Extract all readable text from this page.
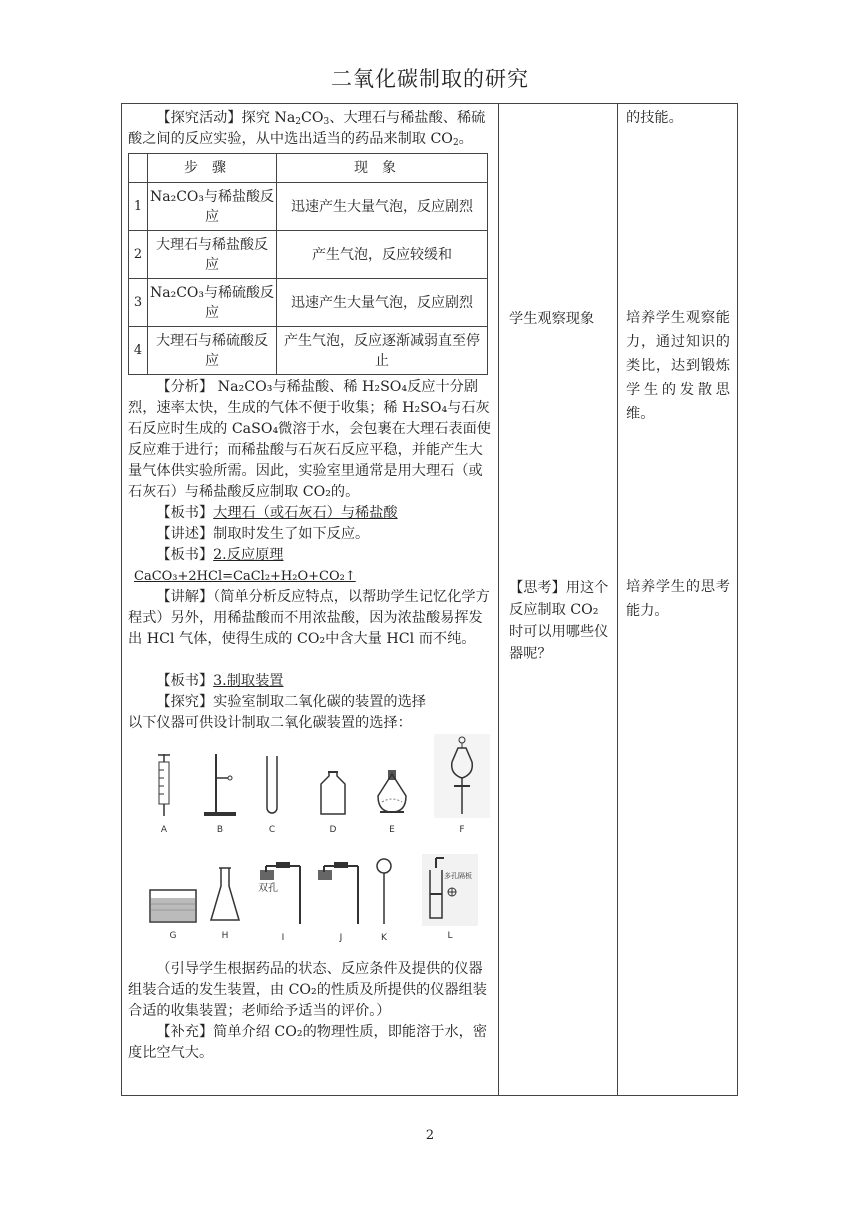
二氧化碳制取的研究

【探究活动】探究 $Na_2CO_3$、大理石与稀盐酸、稀硫酸之间的反应实验，从中选出适当的药品来制取 $CO_2$。

	步骤	现象
1	Na₂CO₃与稀盐酸反应	迅速产生大量气泡，反应剧烈
2	大理石与稀盐酸反应	产生气泡，反应较缓和
3	Na₂CO₃与稀硫酸反应	迅速产生大量气泡，反应剧烈
4	大理石与稀硫酸反应	产生气泡，反应逐渐减弱直至停止

【分析】 Na₂CO₃与稀盐酸、稀 H₂SO₄反应十分剧烈，速率太快，生成的气体不便于收集；稀 H₂SO₄与石灰石反应时生成的 CaSO₄微溶于水，会包裹在大理石表面使反应难于进行；而稀盐酸与石灰石反应平稳，并能产生大量气体供实验所需。因此，实验室里通常是用大理石（或石灰石）与稀盐酸反应制取 CO₂的。

【板书】大理石（或石灰石）与稀盐酸

【讲述】制取时发生了如下反应。

【板书】2.反应原理

CaCO₃+2HCl=CaCl₂+H₂O+CO₂↑

【讲解】（简单分析反应特点，以帮助学生记忆化学方程式）另外，用稀盐酸而不用浓盐酸，因为浓盐酸易挥发出 HCl 气体，使得生成的 CO₂中含大量 HCl 而不纯。

【板书】3.制取装置

【探究】实验室制取二氧化碳的装置的选择

以下仪器可供设计制取二氧化碳装置的选择：

A	B	C	D	E	F
G	H
双孔
I	J	K
多孔隔板
L

（引导学生根据药品的状态、反应条件及提供的仪器组装合适的发生装置，由 CO₂的性质及所提供的仪器组装合适的收集装置；老师给予适当的评价。）

【补充】简单介绍 CO₂的物理性质，即能溶于水，密度比空气大。

学生观察现象
【思考】用这个反应制取 CO₂时可以用哪些仪器呢？
的技能。
培养学生观察能力，通过知识的类比，达到锻炼学生的发散思维。
培养学生的思考能力。
2
